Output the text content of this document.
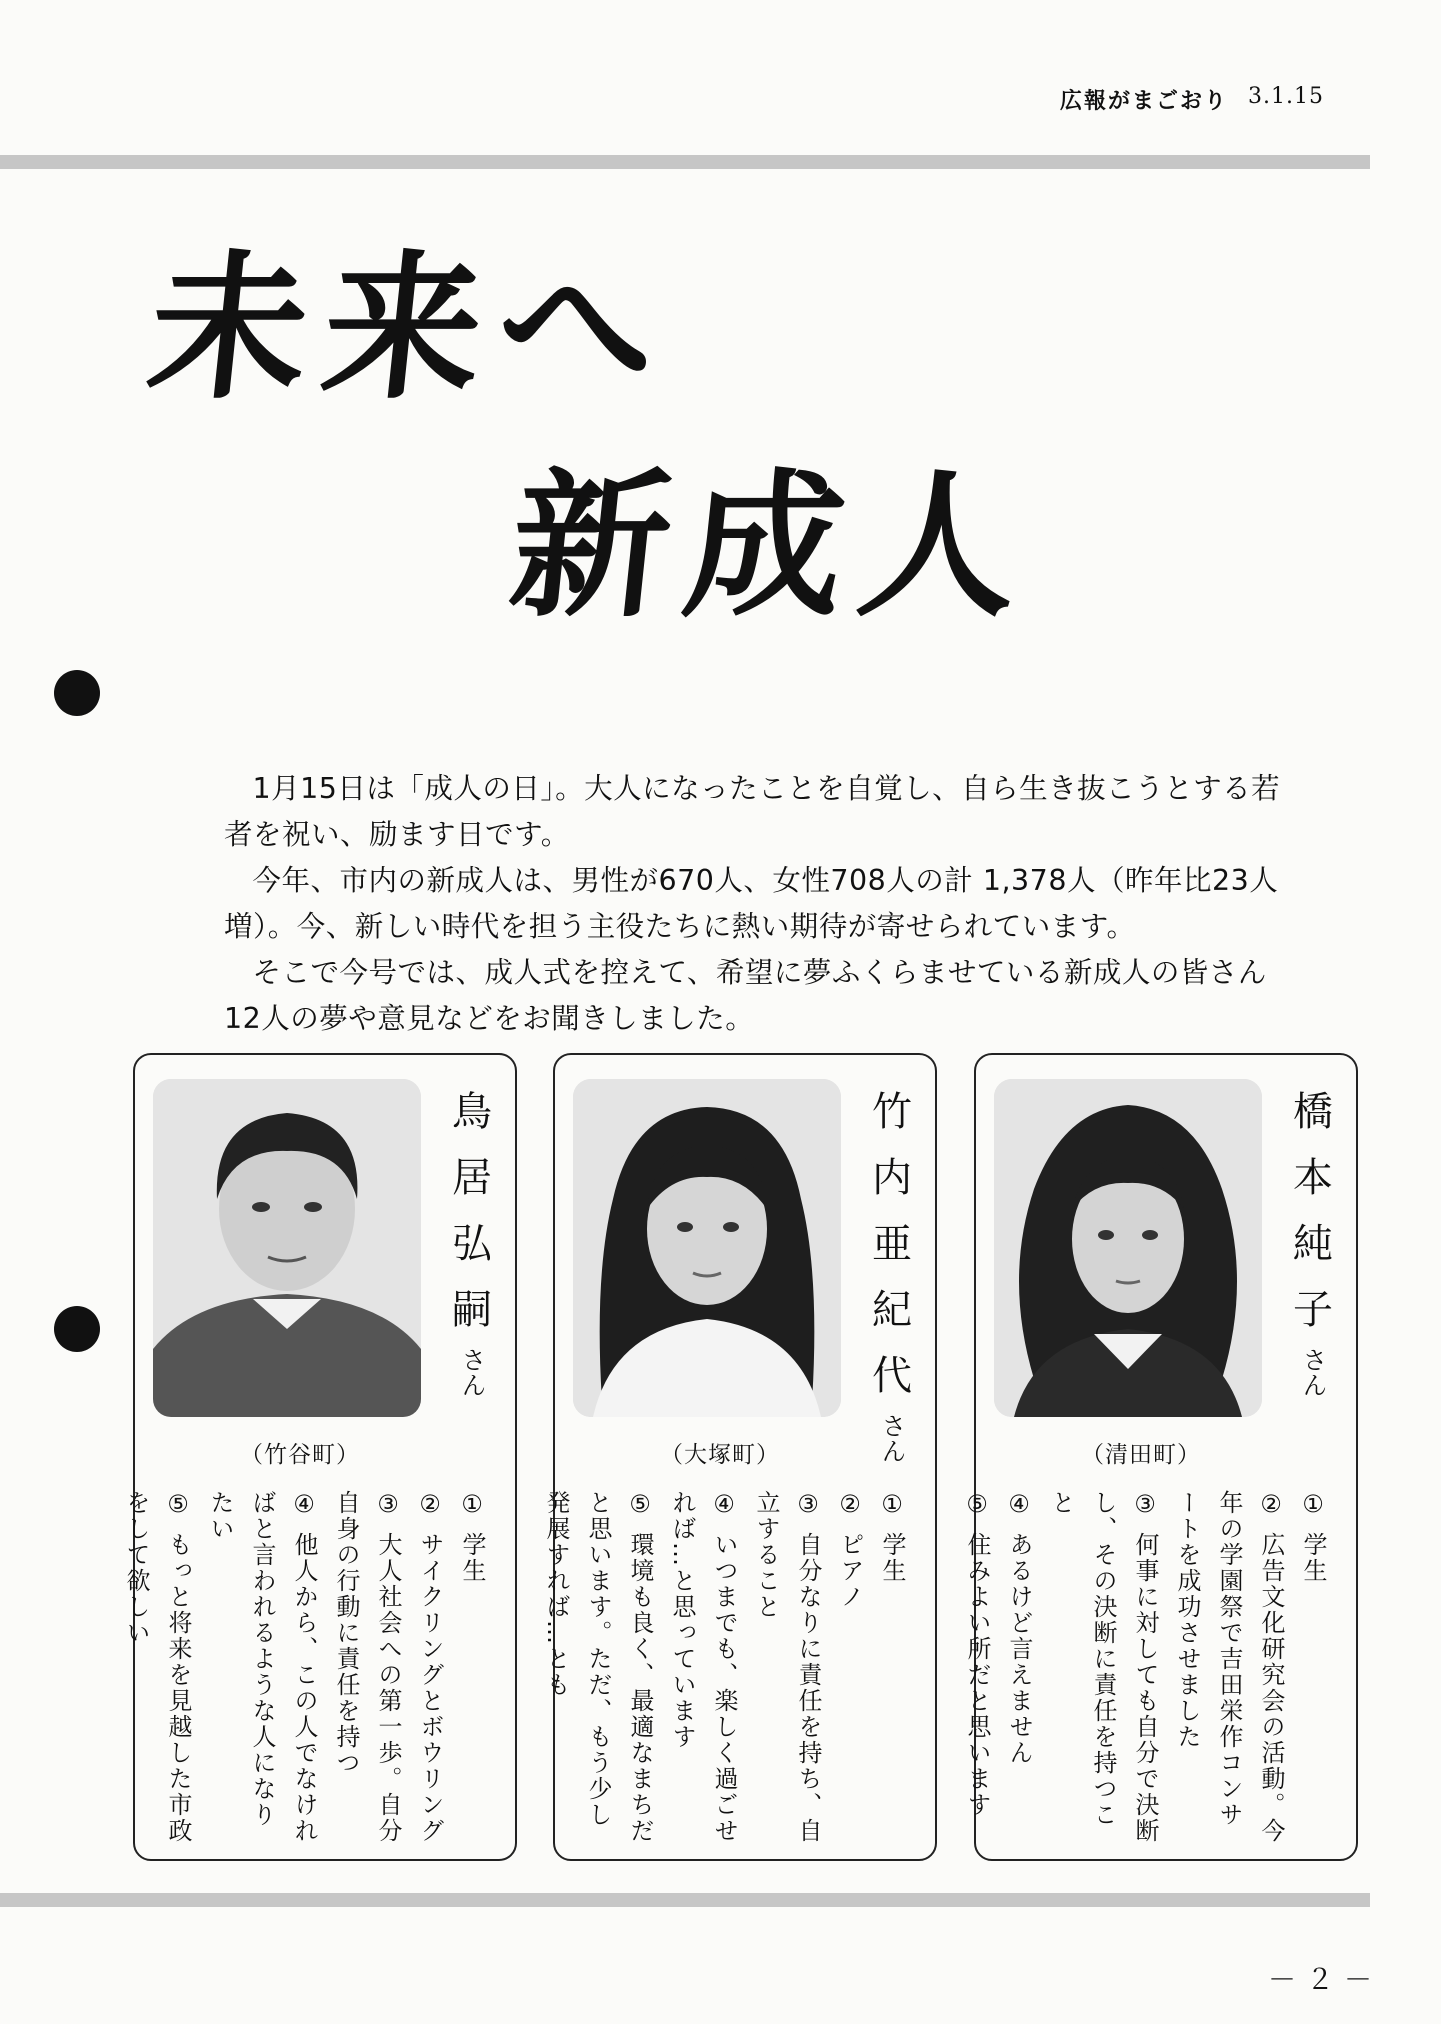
広報がまごおり 3.1.15
未来へ
新成人

1月15日は「成人の日」。大人になったことを自覚し、自ら生き抜こうとする若者を祝い、励ます日です。

今年、市内の新成人は、男性が670人、女性708人の計 1,378人（昨年比23人増）。今、新しい時代を担う主役たちに熱い期待が寄せられています。

そこで今号では、成人式を控えて、希望に夢ふくらませている新成人の皆さん12人の夢や意見などをお聞きしました。

鳥
居
弘
嗣
さん
（竹谷町）
①学生
②サイクリングとボウリング
③大人社会への第一歩。自分自身の行動に責任を持つ
④他人から、この人でなければと言われるような人になりたい
⑤もっと将来を見越した市政をして欲しい
竹
内
亜
紀
代
さん
（大塚町）
①学生
②ピアノ
③自分なりに責任を持ち、自立すること
④いつまでも、楽しく過ごせれば…と思っています
⑤環境も良く、最適なまちだと思います。ただ、もう少し発展すれば…とも
橋
本
純
子
さん
（清田町）
①学生
②広告文化研究会の活動。今年の学園祭で吉田栄作コンサートを成功させました
③何事に対しても自分で決断し、その決断に責任を持つこと
④あるけど言えません
⑤住みよい所だと思います
－２－
